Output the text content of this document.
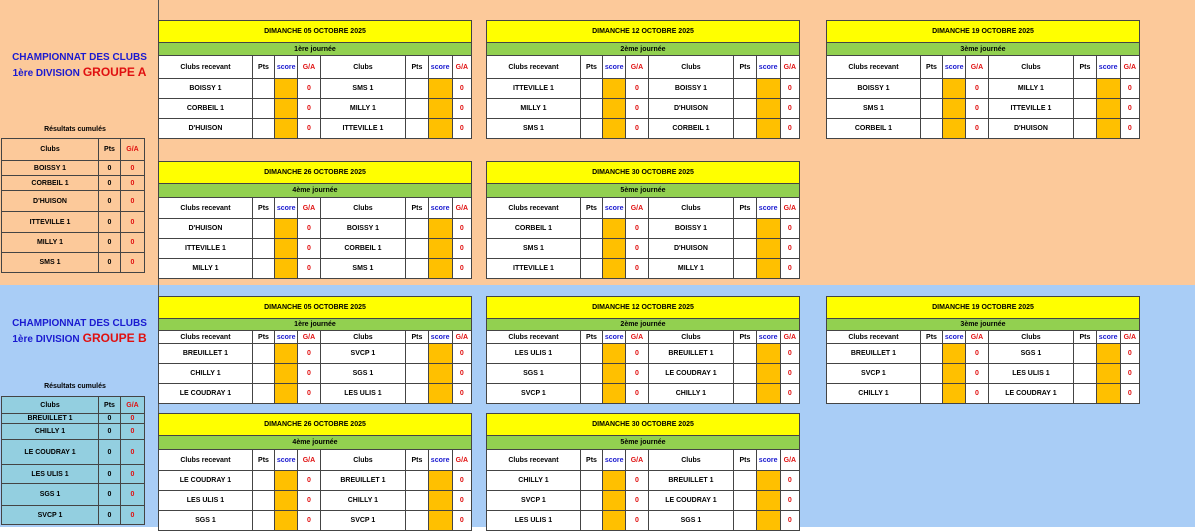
CHAMPIONNAT DES CLUBS
1ère DIVISION GROUPE A
Résultats cumulés
CHAMPIONNAT DES CLUBS
1ère DIVISION GROUPE B
Résultats cumulés
Clubs	Pts	G/A
BOISSY 1	0	0
CORBEIL 1	0	0
D'HUISON	0	0
ITTEVILLE 1	0	0
MILLY 1	0	0
SMS 1	0	0
Clubs	Pts	G/A
BREUILLET 1	0	0
CHILLY 1	0	0
LE COUDRAY 1	0	0
LES ULIS 1	0	0
SGS 1	0	0
SVCP 1	0	0
DIMANCHE 05 OCTOBRE 2025							
1ère journée							
Clubs recevant	Pts	score	G/A	Clubs	Pts	score	G/A
BOISSY 1			0	SMS 1			0
CORBEIL 1			0	MILLY 1			0
D'HUISON			0	ITTEVILLE 1			0
DIMANCHE 12 OCTOBRE 2025							
2ème journée							
Clubs recevant	Pts	score	G/A	Clubs	Pts	score	G/A
ITTEVILLE 1			0	BOISSY 1			0
MILLY 1			0	D'HUISON			0
SMS 1			0	CORBEIL 1			0
DIMANCHE 19 OCTOBRE 2025							
3ème journée							
Clubs recevant	Pts	score	G/A	Clubs	Pts	score	G/A
BOISSY 1			0	MILLY 1			0
SMS 1			0	ITTEVILLE 1			0
CORBEIL 1			0	D'HUISON			0
DIMANCHE 26 OCTOBRE 2025							
4ème journée							
Clubs recevant	Pts	score	G/A	Clubs	Pts	score	G/A
D'HUISON			0	BOISSY 1			0
ITTEVILLE 1			0	CORBEIL 1			0
MILLY 1			0	SMS 1			0
DIMANCHE 30 OCTOBRE 2025							
5ème journée							
Clubs recevant	Pts	score	G/A	Clubs	Pts	score	G/A
CORBEIL 1			0	BOISSY 1			0
SMS 1			0	D'HUISON			0
ITTEVILLE 1			0	MILLY 1			0
DIMANCHE 05 OCTOBRE 2025							
1ère journée							
Clubs recevant	Pts	score	G/A	Clubs	Pts	score	G/A
BREUILLET 1			0	SVCP 1			0
CHILLY 1			0	SGS 1			0
LE COUDRAY 1			0	LES ULIS 1			0
DIMANCHE 12 OCTOBRE 2025							
2ème journée							
Clubs recevant	Pts	score	G/A	Clubs	Pts	score	G/A
LES ULIS 1			0	BREUILLET 1			0
SGS 1			0	LE COUDRAY 1			0
SVCP 1			0	CHILLY 1			0
DIMANCHE 19 OCTOBRE 2025							
3ème journée							
Clubs recevant	Pts	score	G/A	Clubs	Pts	score	G/A
BREUILLET 1			0	SGS 1			0
SVCP 1			0	LES ULIS 1			0
CHILLY 1			0	LE COUDRAY 1			0
DIMANCHE 26 OCTOBRE 2025							
4ème journée							
Clubs recevant	Pts	score	G/A	Clubs	Pts	score	G/A
LE COUDRAY 1			0	BREUILLET 1			0
LES ULIS 1			0	CHILLY 1			0
SGS 1			0	SVCP 1			0
DIMANCHE 30 OCTOBRE 2025							
5ème journée							
Clubs recevant	Pts	score	G/A	Clubs	Pts	score	G/A
CHILLY 1			0	BREUILLET 1			0
SVCP 1			0	LE COUDRAY 1			0
LES ULIS 1			0	SGS 1			0
